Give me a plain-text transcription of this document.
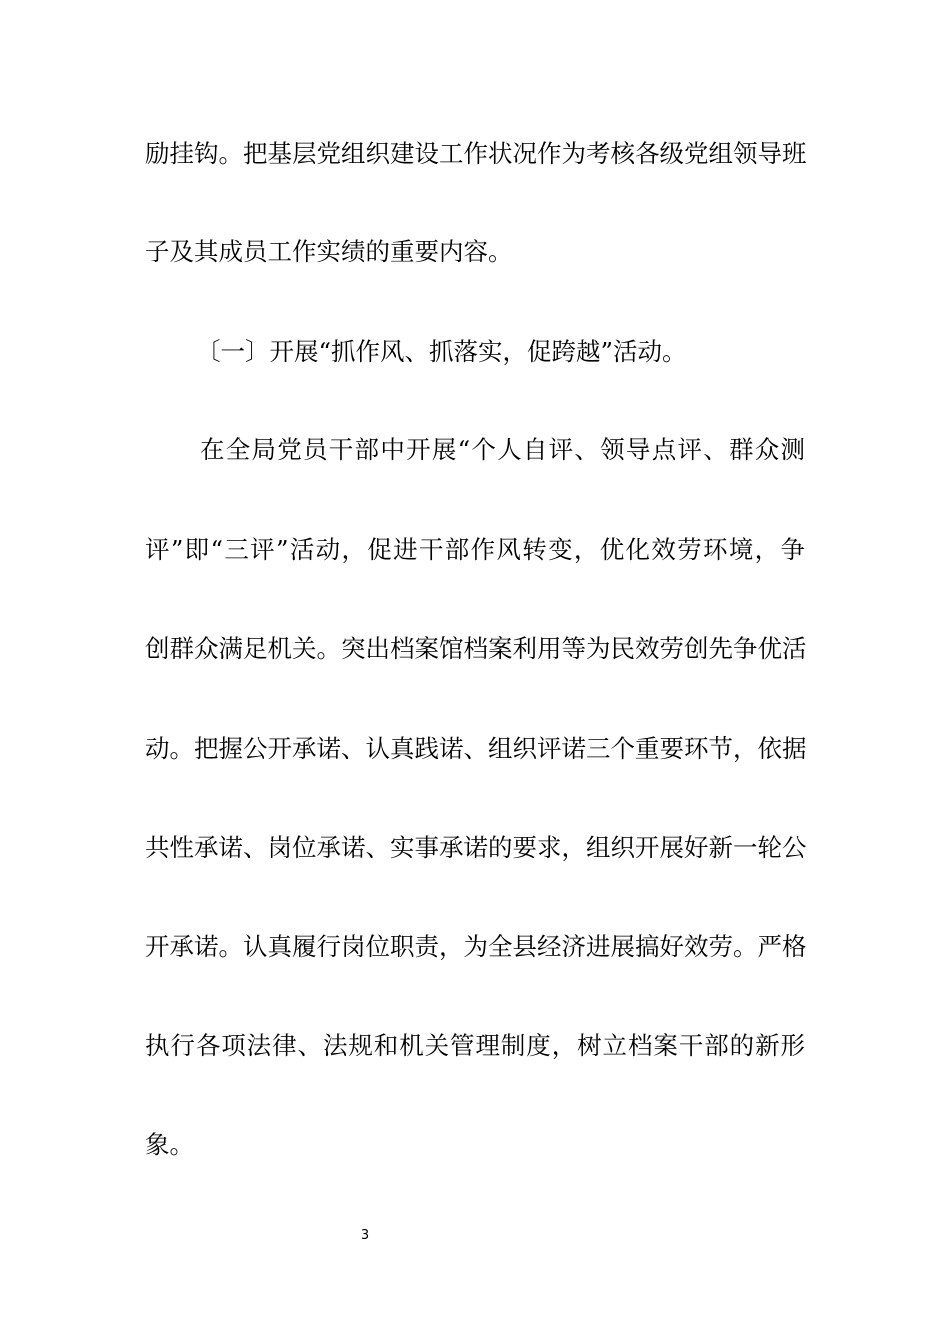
励挂钩。把基层党组织建设工作状况作为考核各级党组领导班
子及其成员工作实绩的重要内容。
〔一〕开展“抓作风、抓落实，促跨越”活动。
在全局党员干部中开展“个人自评、领导点评、群众测
评”即“三评”活动，促进干部作风转变，优化效劳环境，争
创群众满足机关。突出档案馆档案利用等为民效劳创先争优活
动。把握公开承诺、认真践诺、组织评诺三个重要环节，依据
共性承诺、岗位承诺、实事承诺的要求，组织开展好新一轮公
开承诺。认真履行岗位职责，为全县经济进展搞好效劳。严格
执行各项法律、法规和机关管理制度，树立档案干部的新形
象。
3
